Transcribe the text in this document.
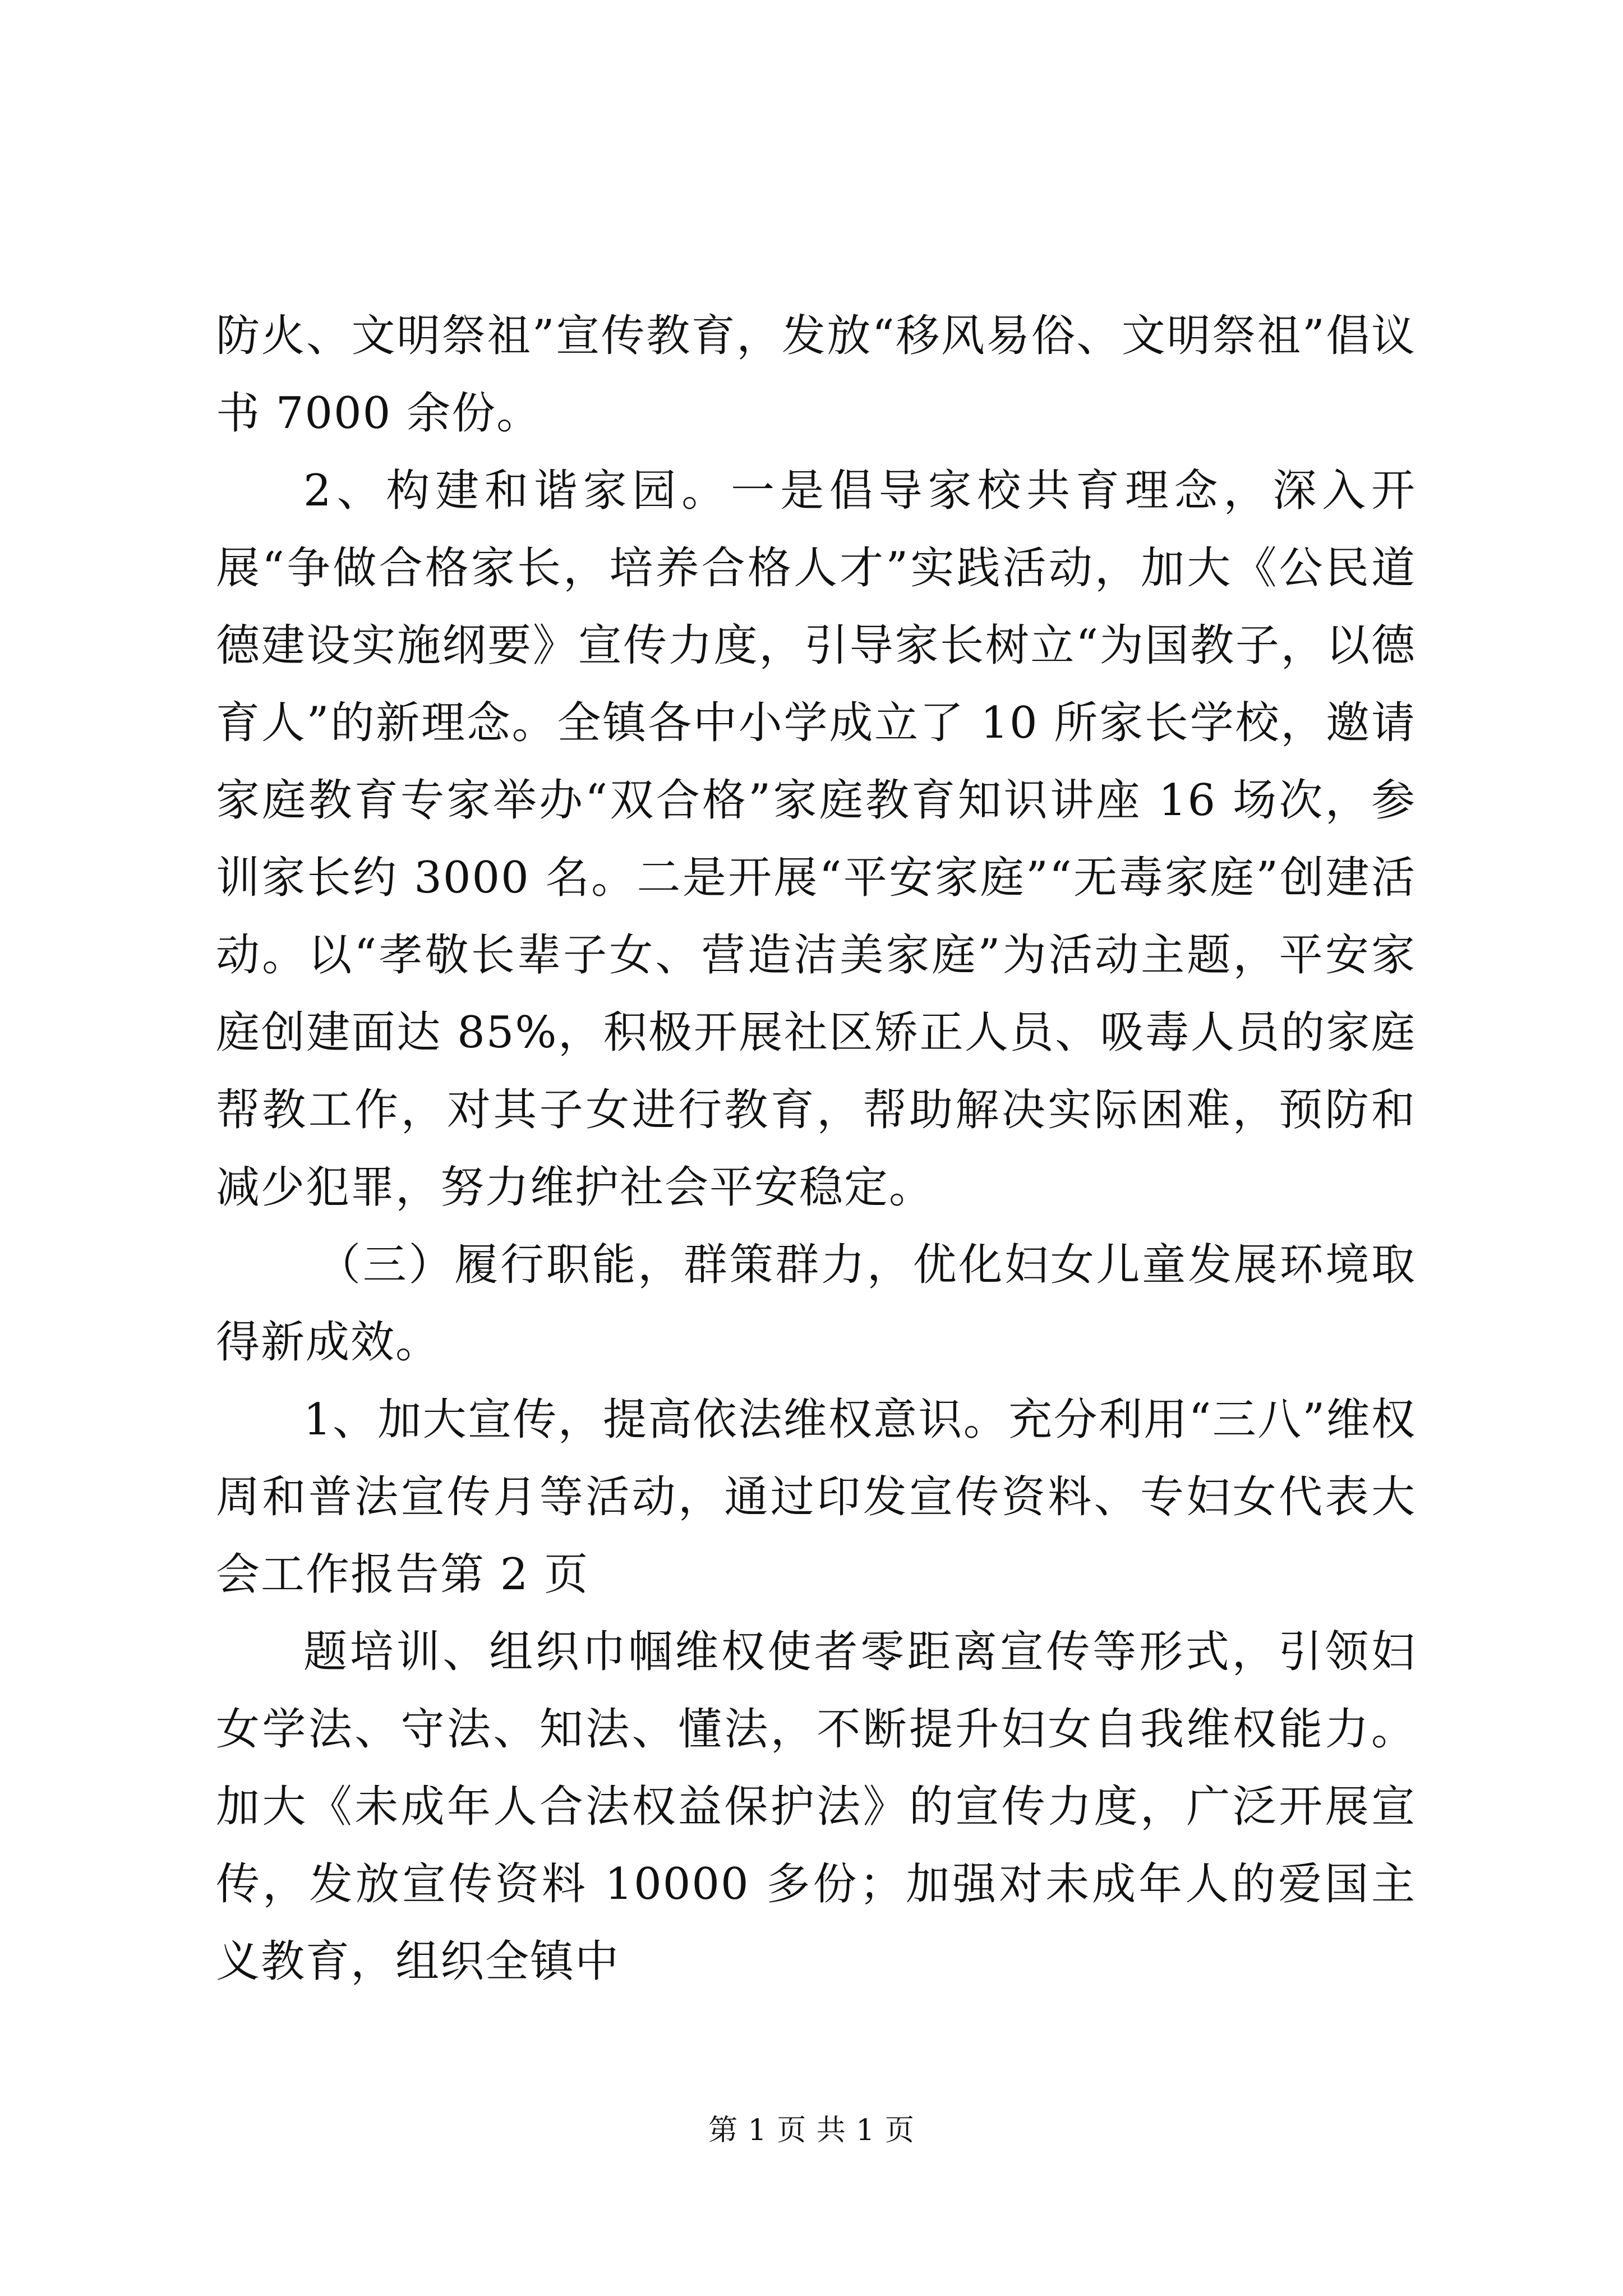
防火、文明祭祖”宣传教育，发放“移风易俗、文明祭祖”倡议书 7000 余份。

2、构建和谐家园。一是倡导家校共育理念，深入开展“争做合格家长，培养合格人才”实践活动，加大《公民道德建设实施纲要》宣传力度，引导家长树立“为国教子，以德育人”的新理念。全镇各中小学成立了 10 所家长学校，邀请家庭教育专家举办“双合格”家庭教育知识讲座 16 场次，参训家长约 3000 名。二是开展“平安家庭”“无毒家庭”创建活动。以“孝敬长辈子女、营造洁美家庭”为活动主题，平安家庭创建面达 85%，积极开展社区矫正人员、吸毒人员的家庭帮教工作，对其子女进行教育，帮助解决实际困难，预防和减少犯罪，努力维护社会平安稳定。

（三）履行职能，群策群力，优化妇女儿童发展环境取得新成效。

1、加大宣传，提高依法维权意识。充分利用“三八”维权周和普法宣传月等活动，通过印发宣传资料、专妇女代表大会工作报告第 2 页

题培训、组织巾帼维权使者零距离宣传等形式，引领妇女学法、守法、知法、懂法，不断提升妇女自我维权能力。加大《未成年人合法权益保护法》的宣传力度，广泛开展宣传，发放宣传资料 10000 多份；加强对未成年人的爱国主义教育，组织全镇中

第 1 页 共 1 页
